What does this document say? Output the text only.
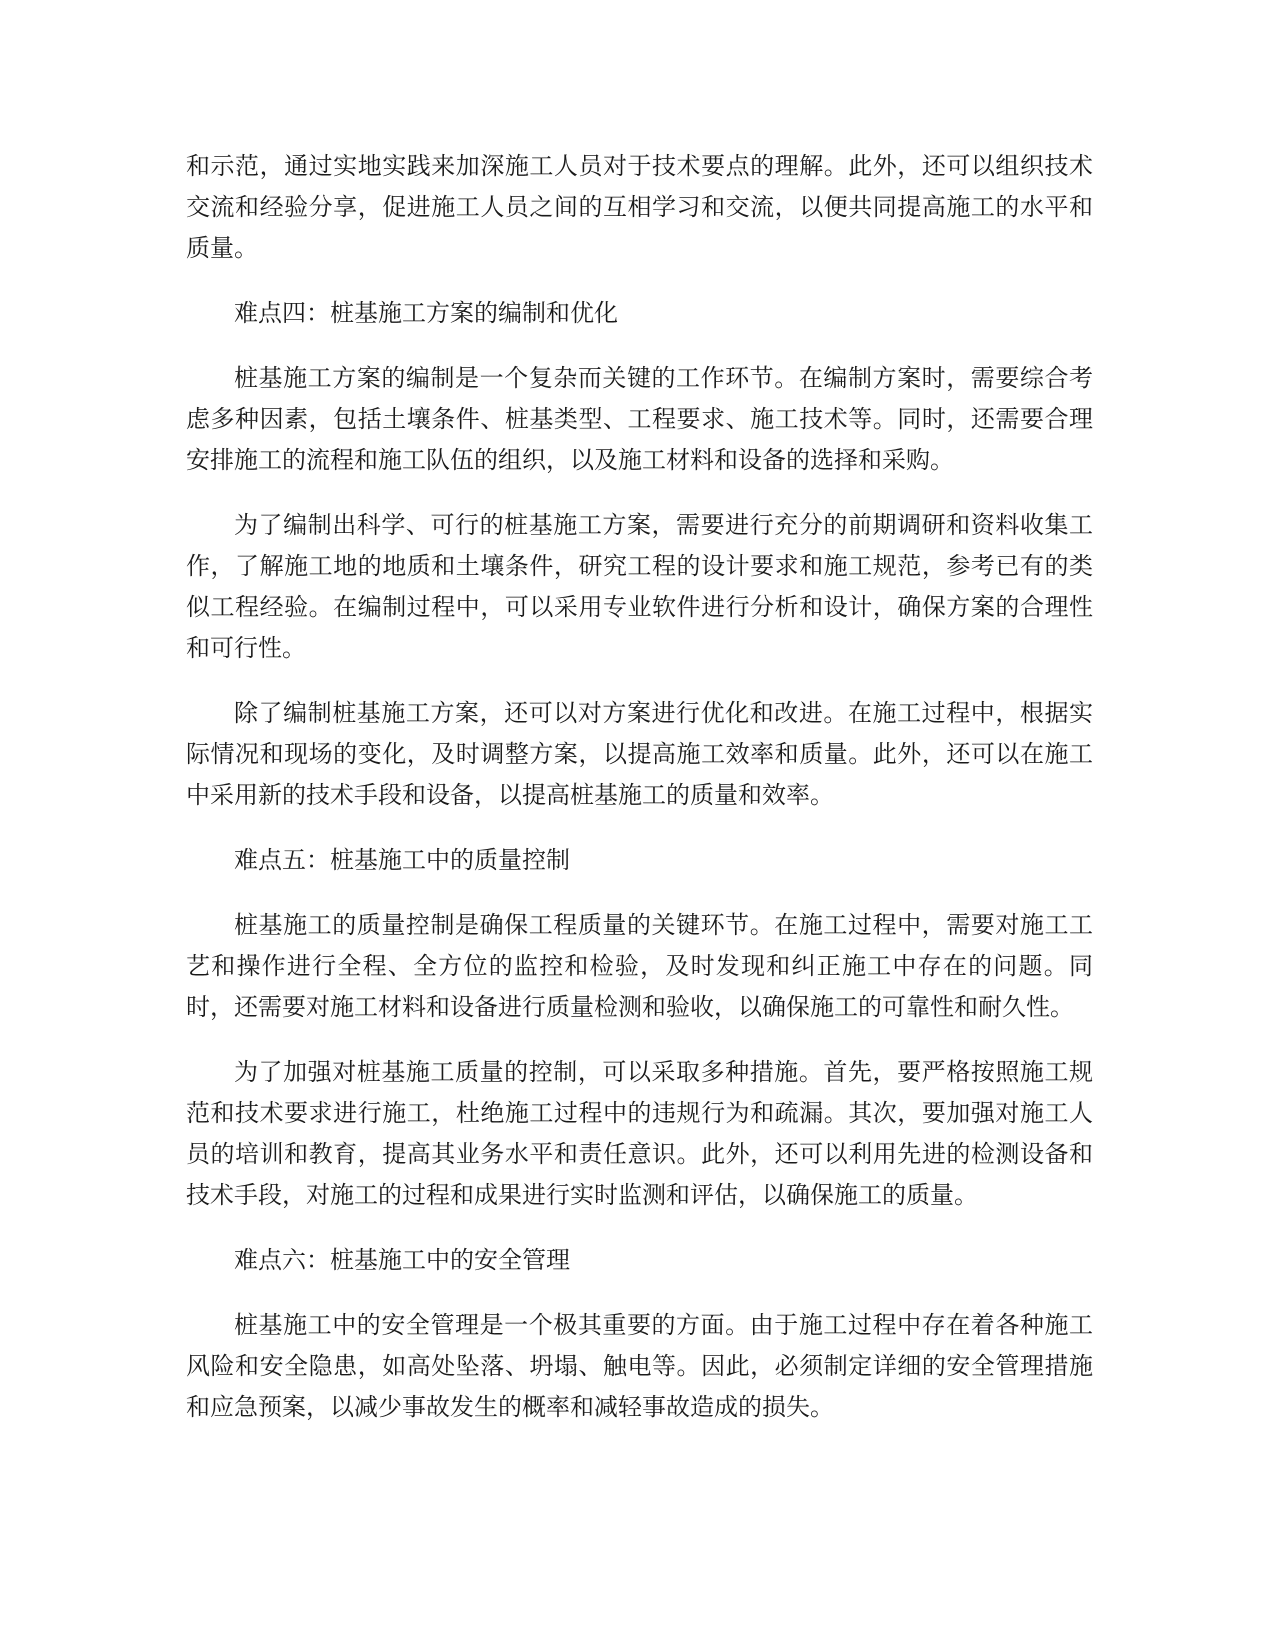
和示范，通过实地实践来加深施工人员对于技术要点的理解。此外，还可以组织技术交流和经验分享，促进施工人员之间的互相学习和交流，以便共同提高施工的水平和质量。

难点四：桩基施工方案的编制和优化

桩基施工方案的编制是一个复杂而关键的工作环节。在编制方案时，需要综合考虑多种因素，包括土壤条件、桩基类型、工程要求、施工技术等。同时，还需要合理安排施工的流程和施工队伍的组织，以及施工材料和设备的选择和采购。

为了编制出科学、可行的桩基施工方案，需要进行充分的前期调研和资料收集工作，了解施工地的地质和土壤条件，研究工程的设计要求和施工规范，参考已有的类似工程经验。在编制过程中，可以采用专业软件进行分析和设计，确保方案的合理性和可行性。

除了编制桩基施工方案，还可以对方案进行优化和改进。在施工过程中，根据实际情况和现场的变化，及时调整方案，以提高施工效率和质量。此外，还可以在施工中采用新的技术手段和设备，以提高桩基施工的质量和效率。

难点五：桩基施工中的质量控制

桩基施工的质量控制是确保工程质量的关键环节。在施工过程中，需要对施工工艺和操作进行全程、全方位的监控和检验，及时发现和纠正施工中存在的问题。同时，还需要对施工材料和设备进行质量检测和验收，以确保施工的可靠性和耐久性。

为了加强对桩基施工质量的控制，可以采取多种措施。首先，要严格按照施工规范和技术要求进行施工，杜绝施工过程中的违规行为和疏漏。其次，要加强对施工人员的培训和教育，提高其业务水平和责任意识。此外，还可以利用先进的检测设备和技术手段，对施工的过程和成果进行实时监测和评估，以确保施工的质量。

难点六：桩基施工中的安全管理

桩基施工中的安全管理是一个极其重要的方面。由于施工过程中存在着各种施工风险和安全隐患，如高处坠落、坍塌、触电等。因此，必须制定详细的安全管理措施和应急预案，以减少事故发生的概率和减轻事故造成的损失。
